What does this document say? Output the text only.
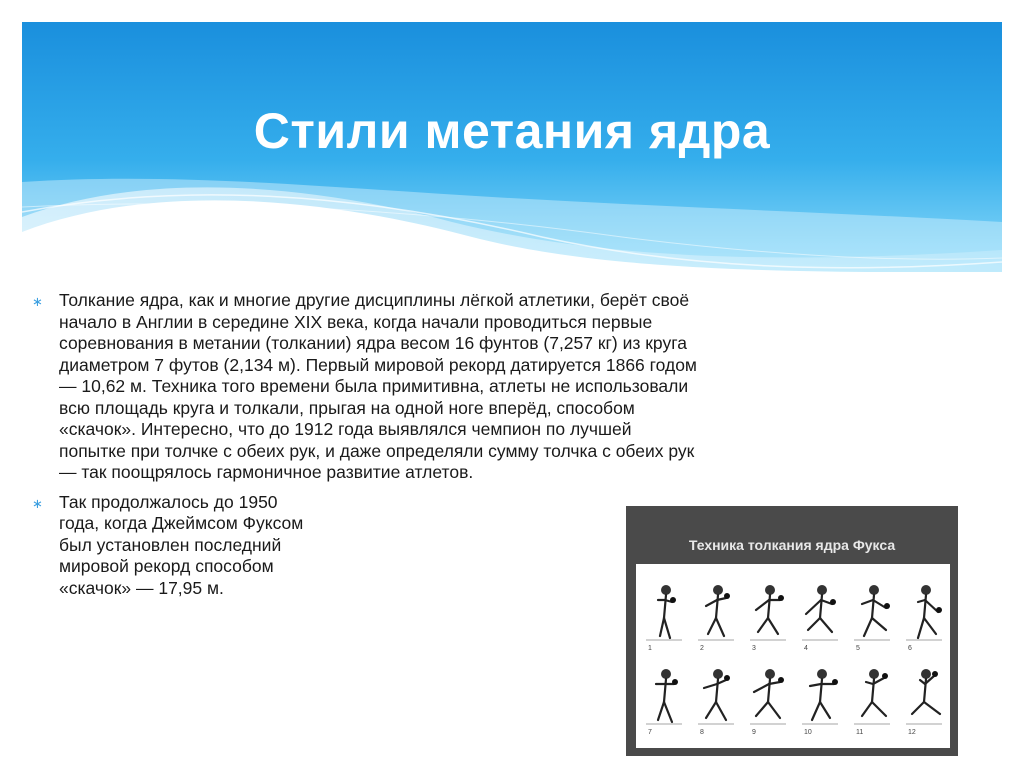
Стили метания ядра
∗ Толкание ядра, как и многие другие дисциплины лёгкой атлетики, берёт своё начало в Англии в середине XIX века, когда начали проводиться первые соревнования в метании (толкании) ядра весом 16 фунтов (7,257 кг) из круга диаметром 7 футов (2,134 м). Первый мировой рекорд датируется 1866 годом — 10,62 м. Техника того времени была примитивна, атлеты не использовали всю площадь круга и толкали, прыгая на одной ноге вперёд, способом «скачок». Интересно, что до 1912 года выявлялся чемпион по лучшей попытке при толчке с обеих рук, и даже определяли сумму толчка с обеих рук — так поощрялось гармоничное развитие атлетов.
∗ Так продолжалось до 1950 года, когда Джеймсом Фуксом был установлен последний мировой рекорд способом «скачок» — 17,95 м.
Техника толкания ядра Фукса
1	2	3	4	5	6
7	8	9	10	11	12
